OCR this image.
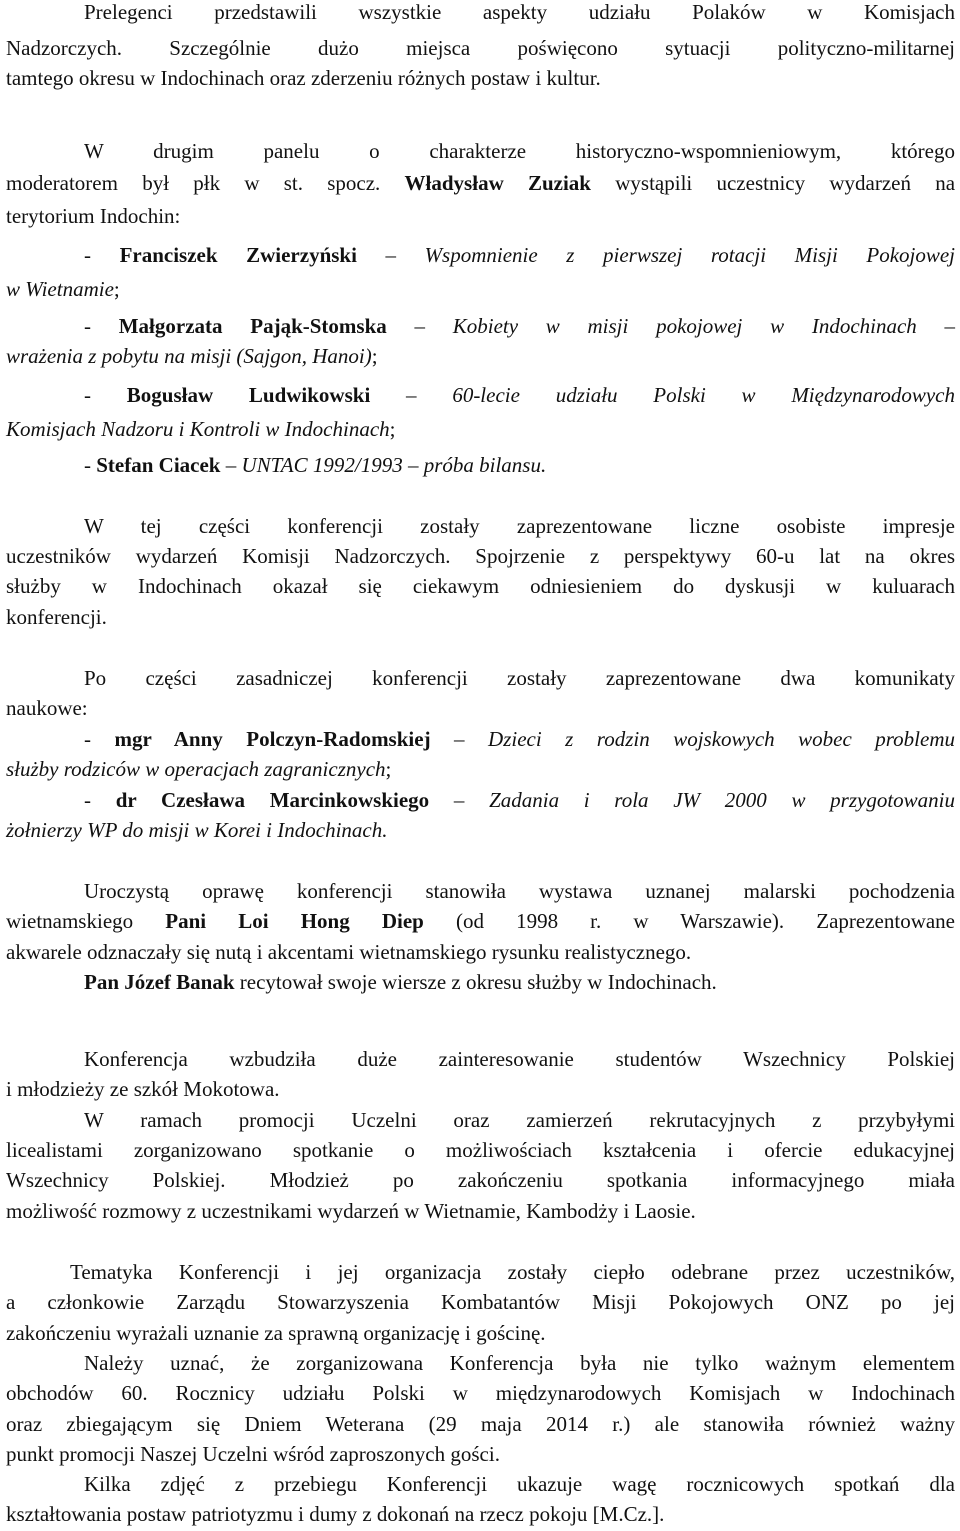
Prelegenci przedstawili wszystkie aspekty udziału Polaków w Komisjach

Nadzorczych. Szczególnie dużo miejsca poświęcono sytuacji polityczno-militarnej

tamtego okresu w Indochinach oraz zderzeniu różnych postaw i kultur.

W drugim panelu o charakterze historyczno-wspomnieniowym, którego

moderatorem był płk w st. spocz. Władysław Zuziak wystąpili uczestnicy wydarzeń na

terytorium Indochin:

- Franciszek Zwierzyński – Wspomnienie z pierwszej rotacji Misji Pokojowej

w Wietnamie;

- Małgorzata Pająk-Stomska – Kobiety w misji pokojowej w Indochinach –

wrażenia z pobytu na misji (Sajgon, Hanoi);

- Bogusław Ludwikowski – 60-lecie udziału Polski w Międzynarodowych

Komisjach Nadzoru i Kontroli w Indochinach;

- Stefan Ciacek – UNTAC 1992/1993 – próba bilansu.

W tej części konferencji zostały zaprezentowane liczne osobiste impresje

uczestników wydarzeń Komisji Nadzorczych. Spojrzenie z perspektywy 60-u lat na okres

służby w Indochinach okazał się ciekawym odniesieniem do dyskusji w kuluarach

konferencji.

Po części zasadniczej konferencji zostały zaprezentowane dwa komunikaty

naukowe:

- mgr Anny Polczyn-Radomskiej – Dzieci z rodzin wojskowych wobec problemu

służby rodziców w operacjach zagranicznych;

- dr Czesława Marcinkowskiego – Zadania i rola JW 2000 w przygotowaniu

żołnierzy WP do misji w Korei i Indochinach.

Uroczystą oprawę konferencji stanowiła wystawa uznanej malarski pochodzenia

wietnamskiego Pani Loi Hong Diep (od 1998 r. w Warszawie). Zaprezentowane

akwarele odznaczały się nutą i akcentami wietnamskiego rysunku realistycznego.

Pan Józef Banak recytował swoje wiersze z okresu służby w Indochinach.

Konferencja wzbudziła duże zainteresowanie studentów Wszechnicy Polskiej

i młodzieży ze szkół Mokotowa.

W ramach promocji Uczelni oraz zamierzeń rekrutacyjnych z przybyłymi

licealistami zorganizowano spotkanie o możliwościach kształcenia i ofercie edukacyjnej

Wszechnicy Polskiej. Młodzież po zakończeniu spotkania informacyjnego miała

możliwość rozmowy z uczestnikami wydarzeń w Wietnamie, Kambodży i Laosie.

Tematyka Konferencji i jej organizacja zostały ciepło odebrane przez uczestników,

a członkowie Zarządu Stowarzyszenia Kombatantów Misji Pokojowych ONZ po jej

zakończeniu wyrażali uznanie za sprawną organizację i gościnę.

Należy uznać, że zorganizowana Konferencja była nie tylko ważnym elementem

obchodów 60. Rocznicy udziału Polski w międzynarodowych Komisjach w Indochinach

oraz zbiegającym się Dniem Weterana (29 maja 2014 r.) ale stanowiła również ważny

punkt promocji Naszej Uczelni wśród zaproszonych gości.

Kilka zdjęć z przebiegu Konferencji ukazuje wagę rocznicowych spotkań dla

kształtowania postaw patriotyzmu i dumy z dokonań na rzecz pokoju [M.Cz.].
